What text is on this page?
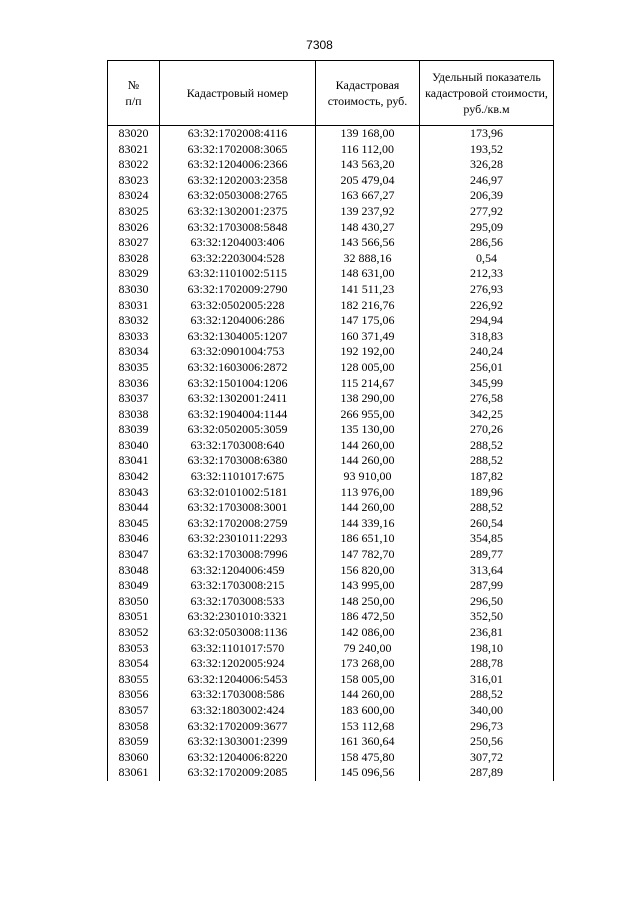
7308
№
п/п	Кадастровый номер	Кадастровая стоимость, руб.	Удельный показатель кадастровой стоимости, руб./кв.м
83020	63:32:1702008:4116	139 168,00	173,96
83021	63:32:1702008:3065	116 112,00	193,52
83022	63:32:1204006:2366	143 563,20	326,28
83023	63:32:1202003:2358	205 479,04	246,97
83024	63:32:0503008:2765	163 667,27	206,39
83025	63:32:1302001:2375	139 237,92	277,92
83026	63:32:1703008:5848	148 430,27	295,09
83027	63:32:1204003:406	143 566,56	286,56
83028	63:32:2203004:528	32 888,16	0,54
83029	63:32:1101002:5115	148 631,00	212,33
83030	63:32:1702009:2790	141 511,23	276,93
83031	63:32:0502005:228	182 216,76	226,92
83032	63:32:1204006:286	147 175,06	294,94
83033	63:32:1304005:1207	160 371,49	318,83
83034	63:32:0901004:753	192 192,00	240,24
83035	63:32:1603006:2872	128 005,00	256,01
83036	63:32:1501004:1206	115 214,67	345,99
83037	63:32:1302001:2411	138 290,00	276,58
83038	63:32:1904004:1144	266 955,00	342,25
83039	63:32:0502005:3059	135 130,00	270,26
83040	63:32:1703008:640	144 260,00	288,52
83041	63:32:1703008:6380	144 260,00	288,52
83042	63:32:1101017:675	93 910,00	187,82
83043	63:32:0101002:5181	113 976,00	189,96
83044	63:32:1703008:3001	144 260,00	288,52
83045	63:32:1702008:2759	144 339,16	260,54
83046	63:32:2301011:2293	186 651,10	354,85
83047	63:32:1703008:7996	147 782,70	289,77
83048	63:32:1204006:459	156 820,00	313,64
83049	63:32:1703008:215	143 995,00	287,99
83050	63:32:1703008:533	148 250,00	296,50
83051	63:32:2301010:3321	186 472,50	352,50
83052	63:32:0503008:1136	142 086,00	236,81
83053	63:32:1101017:570	79 240,00	198,10
83054	63:32:1202005:924	173 268,00	288,78
83055	63:32:1204006:5453	158 005,00	316,01
83056	63:32:1703008:586	144 260,00	288,52
83057	63:32:1803002:424	183 600,00	340,00
83058	63:32:1702009:3677	153 112,68	296,73
83059	63:32:1303001:2399	161 360,64	250,56
83060	63:32:1204006:8220	158 475,80	307,72
83061	63:32:1702009:2085	145 096,56	287,89
